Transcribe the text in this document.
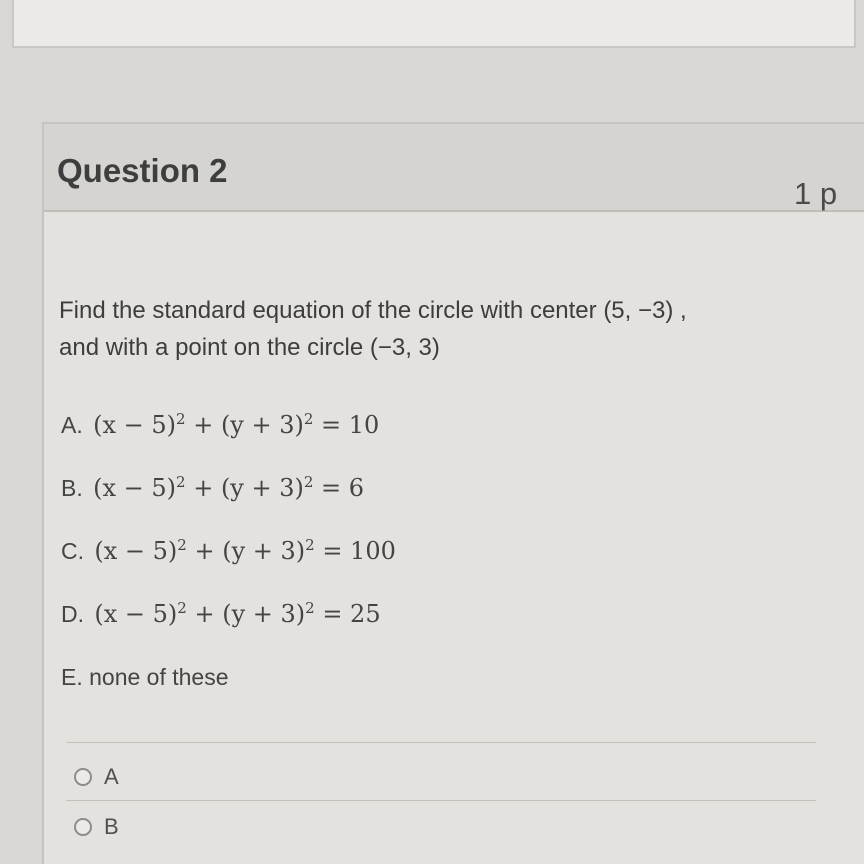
Question 2
1 p
Find the standard equation of the circle with center (5, −3) ,
and with a point on the circle (−3, 3)
A. $(x - 5)^2 + (y + 3)^2 = 10$
B. $(x - 5)^2 + (y + 3)^2 = 6$
C. $(x - 5)^2 + (y + 3)^2 = 100$
D. $(x - 5)^2 + (y + 3)^2 = 25$
E. none of these
A
B
